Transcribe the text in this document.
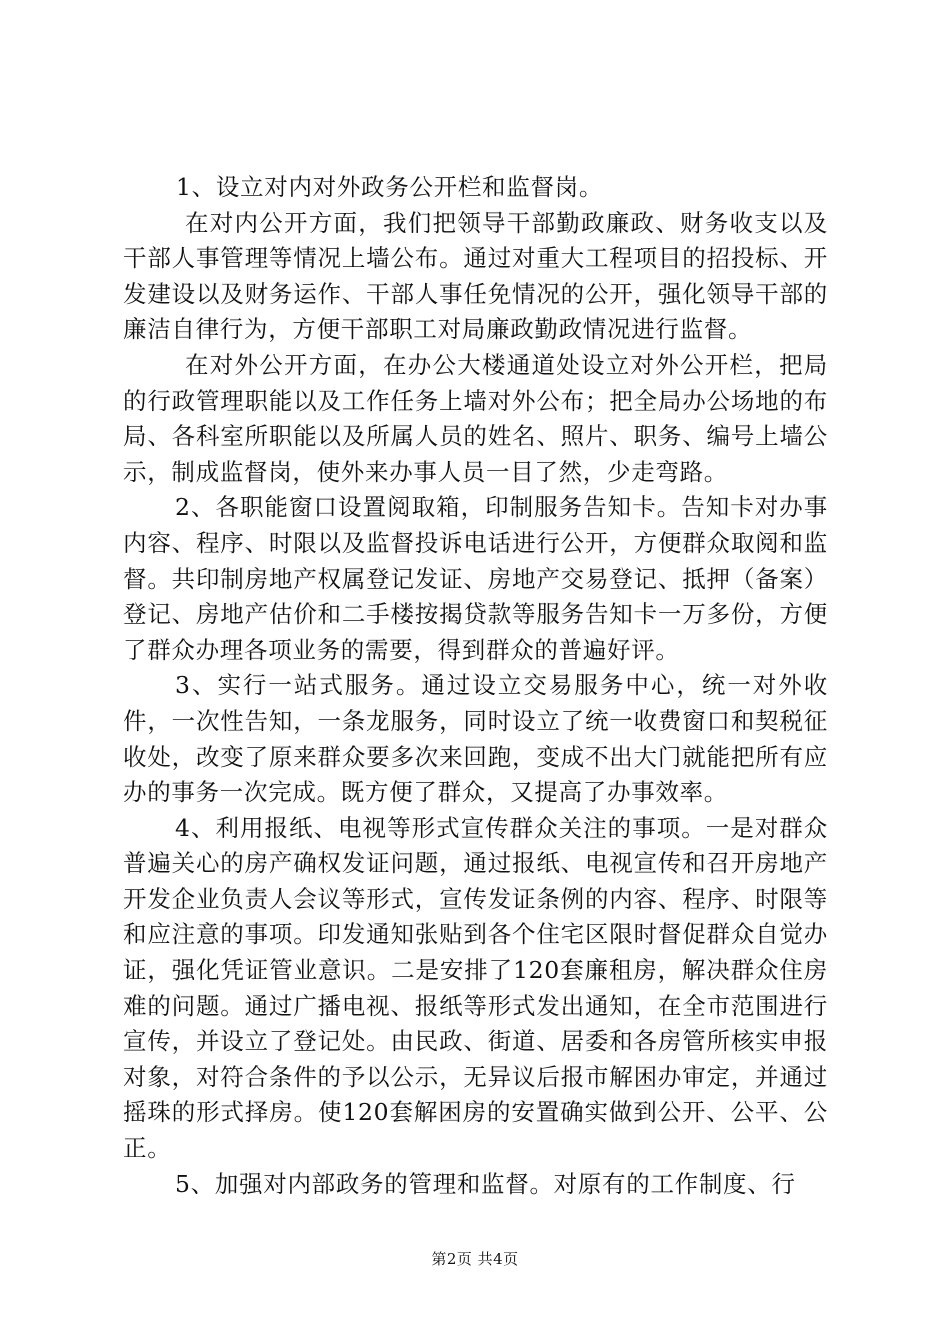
1、设立对内对外政务公开栏和监督岗。

在对内公开方面，我们把领导干部勤政廉政、财务收支以及干部人事管理等情况上墙公布。通过对重大工程项目的招投标、开发建设以及财务运作、干部人事任免情况的公开，强化领导干部的廉洁自律行为，方便干部职工对局廉政勤政情况进行监督。

在对外公开方面，在办公大楼通道处设立对外公开栏，把局的行政管理职能以及工作任务上墙对外公布；把全局办公场地的布局、各科室所职能以及所属人员的姓名、照片、职务、编号上墙公示，制成监督岗，使外来办事人员一目了然，少走弯路。

2、各职能窗口设置阅取箱，印制服务告知卡。告知卡对办事内容、程序、时限以及监督投诉电话进行公开，方便群众取阅和监督。共印制房地产权属登记发证、房地产交易登记、抵押（备案）登记、房地产估价和二手楼按揭贷款等服务告知卡一万多份，方便了群众办理各项业务的需要，得到群众的普遍好评。

3、实行一站式服务。通过设立交易服务中心，统一对外收件，一次性告知，一条龙服务，同时设立了统一收费窗口和契税征收处，改变了原来群众要多次来回跑，变成不出大门就能把所有应办的事务一次完成。既方便了群众，又提高了办事效率。

4、利用报纸、电视等形式宣传群众关注的事项。一是对群众普遍关心的房产确权发证问题，通过报纸、电视宣传和召开房地产开发企业负责人会议等形式，宣传发证条例的内容、程序、时限等和应注意的事项。印发通知张贴到各个住宅区限时督促群众自觉办证，强化凭证管业意识。二是安排了120套廉租房，解决群众住房难的问题。通过广播电视、报纸等形式发出通知，在全市范围进行宣传，并设立了登记处。由民政、街道、居委和各房管所核实申报对象，对符合条件的予以公示，无异议后报市解困办审定，并通过摇珠的形式择房。使120套解困房的安置确实做到公开、公平、公正。

5、加强对内部政务的管理和监督。对原有的工作制度、行

第2页 共4页
